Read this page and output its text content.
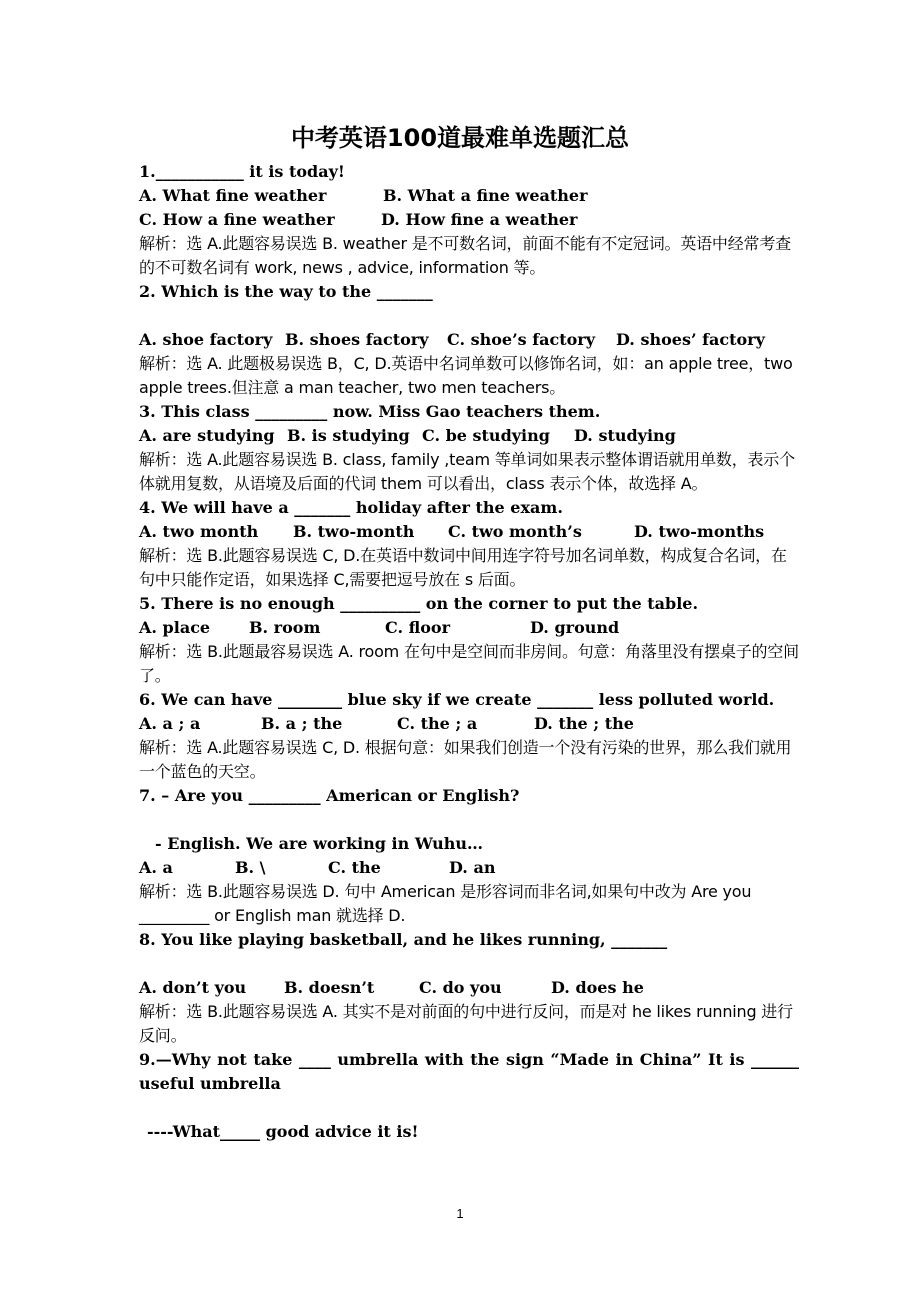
中考英语100道最难单选题汇总
1.___________ it is today!
A. What fine weather	B. What a fine weather
C. How a fine weather	D. How fine a weather
解析：选 A.此题容易误选 B. weather 是不可数名词，前面不能有不定冠词。英语中经常考查的不可数名词有 work, news , advice, information 等。
2. Which is the way to the _______
A. shoe factory B. shoes factory C. shoe’s factory D. shoes’ factory
解析：选 A. 此题极易误选 B，C, D.英语中名词单数可以修饰名词，如：an apple tree，two apple trees.但注意 a man teacher, two men teachers。
3. This class _________ now. Miss Gao teachers them.
A. are studying B. is studying C. be studying D. studying
解析：选 A.此题容易误选 B. class, family ,team 等单词如果表示整体谓语就用单数，表示个体就用复数，从语境及后面的代词 them 可以看出，class 表示个体，故选择 A。
4. We will have a _______ holiday after the exam.
A. two month B. two-month C. two month’s	D. two-months
解析：选 B.此题容易误选 C, D.在英语中数词中间用连字符号加名词单数，构成复合名词，在句中只能作定语，如果选择 C,需要把逗号放在 s 后面。
5. There is no enough __________ on the corner to put the table.
A. place B. room	C. floor	D. ground
解析：选 B.此题最容易误选 A. room 在句中是空间而非房间。句意：角落里没有摆桌子的空间了。
6. We can have ________ blue sky if we create _______ less polluted world.
A. a ; a	B. a ; the	C. the ; a	D. the ; the
解析：选 A.此题容易误选 C, D. 根据句意：如果我们创造一个没有污染的世界，那么我们就用一个蓝色的天空。
7. – Are you _________ American or English?
- English. We are working in Wuhu…
A. a	B. \	C. the	D. an
解析：选 B.此题容易误选 D. 句中 American 是形容词而非名词,如果句中改为 Are you _________ or English man 就选择 D.
8. You like playing basketball, and he likes running, _______
A. don’t you B. doesn’t	C. do you	D. does he
解析：选 B.此题容易误选 A. 其实不是对前面的句中进行反问，而是对 he likes running 进行反问。
9.—Why not take ____ umbrella with the sign “Made in China” It is ______ useful umbrella
----What_____ good advice it is!
1
